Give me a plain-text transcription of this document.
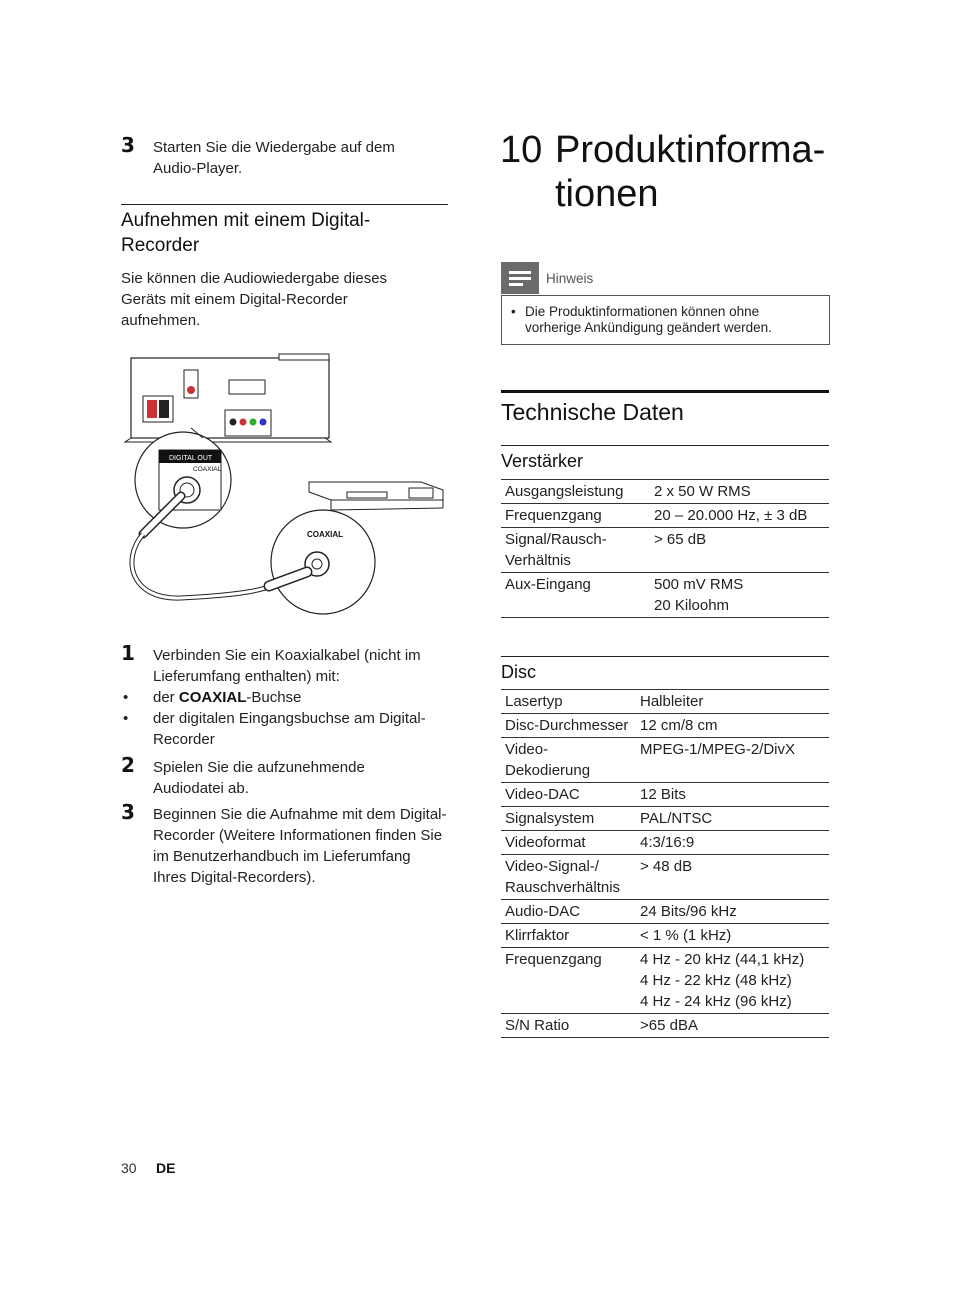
3 Starten Sie die Wiedergabe auf dem Audio-Player.
Aufnehmen mit einem Digital-
Recorder
Sie können die Audiowiedergabe dieses Geräts mit einem Digital-Recorder aufnehmen.
DIGITAL OUT
COAXIAL
COAXIAL
1 Verbinden Sie ein Koaxialkabel (nicht im Lieferumfang enthalten) mit:
• der COAXIAL-Buchse
• der digitalen Eingangsbuchse am Digital-Recorder
2 Spielen Sie die aufzunehmende Audiodatei ab.
3 Beginnen Sie die Aufnahme mit dem Digital-Recorder (Weitere Informationen finden Sie im Benutzerhandbuch im Lieferumfang Ihres Digital-Recorders).
10 Produktinforma-
tionen
Hinweis
• Die Produktinformationen können ohne vorherige Ankündigung geändert werden.
Technische Daten
Verstärker
Ausgangsleistung	2 x 50 W RMS
Frequenzgang	20 – 20.000 Hz, ± 3 dB
Signal/Rausch-Verhältnis	> 65 dB
Aux-Eingang	500 mV RMS
20 Kiloohm
Disc
Lasertyp	Halbleiter
Disc-Durchmesser	12 cm/8 cm
Video-Dekodierung	MPEG-1/MPEG-2/DivX
Video-DAC	12 Bits
Signalsystem	PAL/NTSC
Videoformat	4:3/16:9
Video-Signal-/ Rauschverhältnis	> 48 dB
Audio-DAC	24 Bits/96 kHz
Klirrfaktor	< 1 % (1 kHz)
Frequenzgang	4 Hz - 20 kHz (44,1 kHz)
4 Hz - 22 kHz (48 kHz)
4 Hz - 24 kHz (96 kHz)
S/N Ratio	>65 dBA
30 DE
